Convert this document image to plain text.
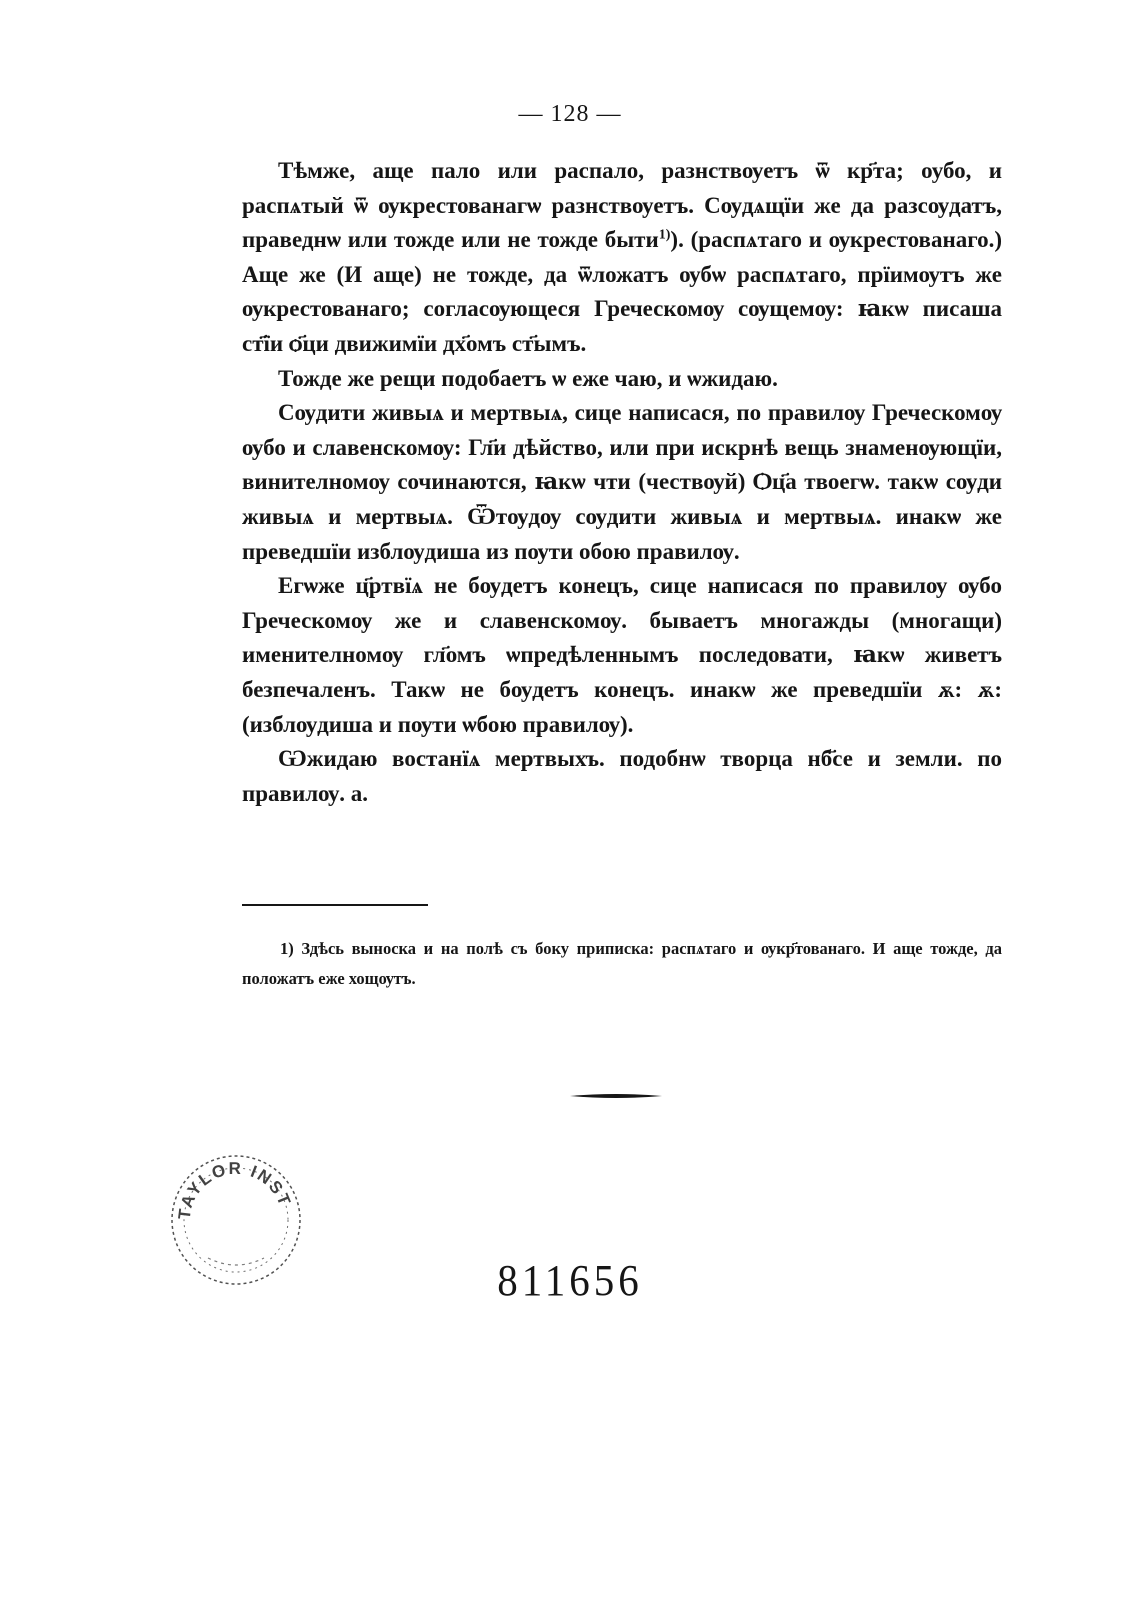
— 128 —

Тѣмже, аще пало или распало, разнствѹетъ ѿ кр҃та; оубо, и распѧтый ѿ ѹкрестованагѡ разнствѹетъ. Сѹдѧщїи же да разсѹдатъ, праведнѡ или тожде или не тожде быти$^{1)}$). (распѧтаго и ѹкрестованаго.) Аще же (И аще) не тожде, да ѿложатъ ѹбѡ распѧтаго, прїимѹтъ же ѹкрестованаго; согласѹющеся Греческомѹ сѹщемѹ: ꙗкѡ писаша ст҃їи ѻ҃ци движимїи дх҃омъ ст҃ымъ.

Тожде же рещи подобаетъ ѡ еже чаю, и ѡжидаю.

Сѹдити живыѧ и мертвыѧ, сице написася, по правилѹ Греческомѹ ѹбо и славенскомѹ: Гл҃и дѣйство, или при искрнѣ вещь знаменѹющїи, винителномѹ сочинаются, ꙗкѡ чти (чествѹй) Ѻц҃а твоегѡ. такѡ сѹди живыѧ и мертвыѧ. Ѿтѹдѹ сѹдити живыѧ и мертвыѧ. инакѡ же преведшїи изблѹдиша из пѹти обою правилѹ.

Егѡже ц҃ртвїѧ не бѹдетъ конецъ, сице написася по правилѹ ѹбо Греческомѹ же и славенскомѹ. бываетъ многажды (многащи) именителномѹ гл҃омъ ѡпредѣленнымъ последовати, ꙗкѡ живетъ безпечаленъ. Такѡ не бѹдетъ конецъ. инакѡ же преведшїи ѫ: ѫ: (изблѹдиша и пѹти ѡбою правилѹ).

Ѡжидаю востанїѧ мертвыхъ. подобнѡ творца нб҃се и земли. по правилѹ. а.

1) Здѣсь выноска и на полѣ съ боку приписка: распѧтаго и ѹкр҃тованаго. И аще тожде, да положатъ еже хощѹтъ.
TAYLOR INST
811656
